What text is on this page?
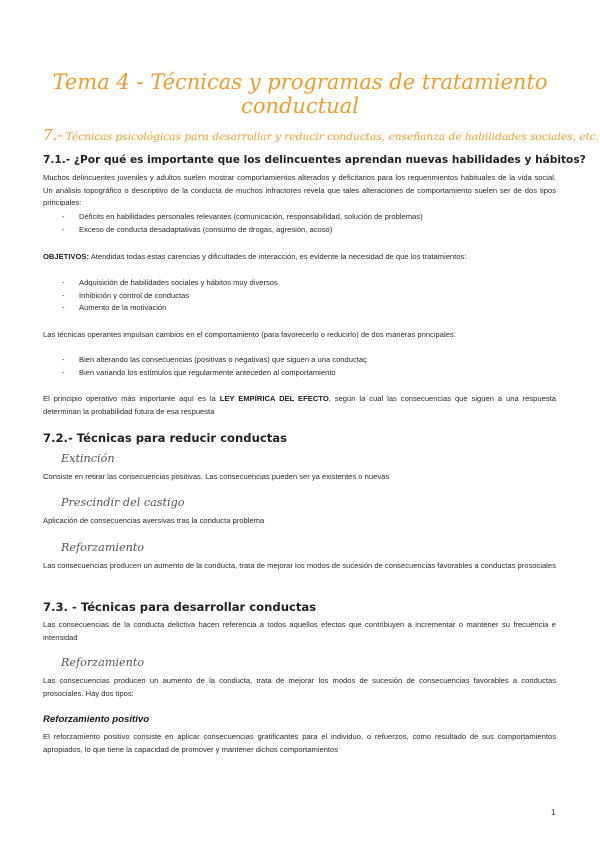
Tema 4 - Técnicas y programas de tratamiento conductual
7.- Técnicas psicológicas para desarrollar y reducir conductas, enseñanza de habilidades sociales, etc.
7.1.- ¿Por qué es importante que los delincuentes aprendan nuevas habilidades y hábitos?
Muchos delincuentes juveniles y adultos suelen mostrar comportamientos alterados y deficitarios para los requerimientos habituales de la vida social. Un análisis topográfico o descriptivo de la conducta de muchos infractores revela que tales alteraciones de comportamiento suelen ser de dos tipos principales:
- Déficits en habilidades personales relevantes (comunicación, responsabilidad, solución de problemas)
- Exceso de conducta desadaptativas (consumo de drogas, agresión, acoso)
OBJETIVOS: Atendidas todas estas carencias y dificultades de interacción, es evidente la necesidad de que los tratamientos:
- Adquisición de habilidades sociales y hábitos muy diversos
- Inhibición y control de conductas
- Aumento de la motivación
Las técnicas operantes impulsan cambios en el comportamiento (para favorecerlo o reducirlo) de dos maneras principales:
- Bien alterando las consecuencias (positivas o negativas) que siguen a una conductaç
- Bien variando los estímulos que regularmente anteceden al comportamiento
El principio operativo más importante aquí es la LEY EMPÍRICA DEL EFECTO, según la cual las consecuencias que siguen a una respuesta determinan la probabilidad futura de esa respuesta
7.2.- Técnicas para reducir conductas
Extinción
Consiste en retirar las consecuencias positivas. Las consecuencias pueden ser ya existentes o nuevas
Prescindir del castigo
Aplicación de consecuencias aversivas tras la conducta problema
Reforzamiento
Las consecuencias producen un aumento de la conducta, trata de mejorar los modos de sucesión de consecuencias favorables a conductas prosociales
7.3. - Técnicas para desarrollar conductas
Las consecuencias de la conducta delictiva hacen referencia a todos aquellos efectos que contribuyen a incrementar o mantener su frecuencia e intensidad
Reforzamiento
Las consecuencias producen un aumento de la conducta, trata de mejorar los modos de sucesión de consecuencias favorables a conductas prosociales. Hay dos tipos:
Reforzamiento positivo
El reforzamiento positivo consiste en aplicar consecuencias gratificantes para el individuo, o refuerzos, como resultado de sus comportamientos apropiados, lo que tiene la capacidad de promover y mantener dichos comportamientos
1
